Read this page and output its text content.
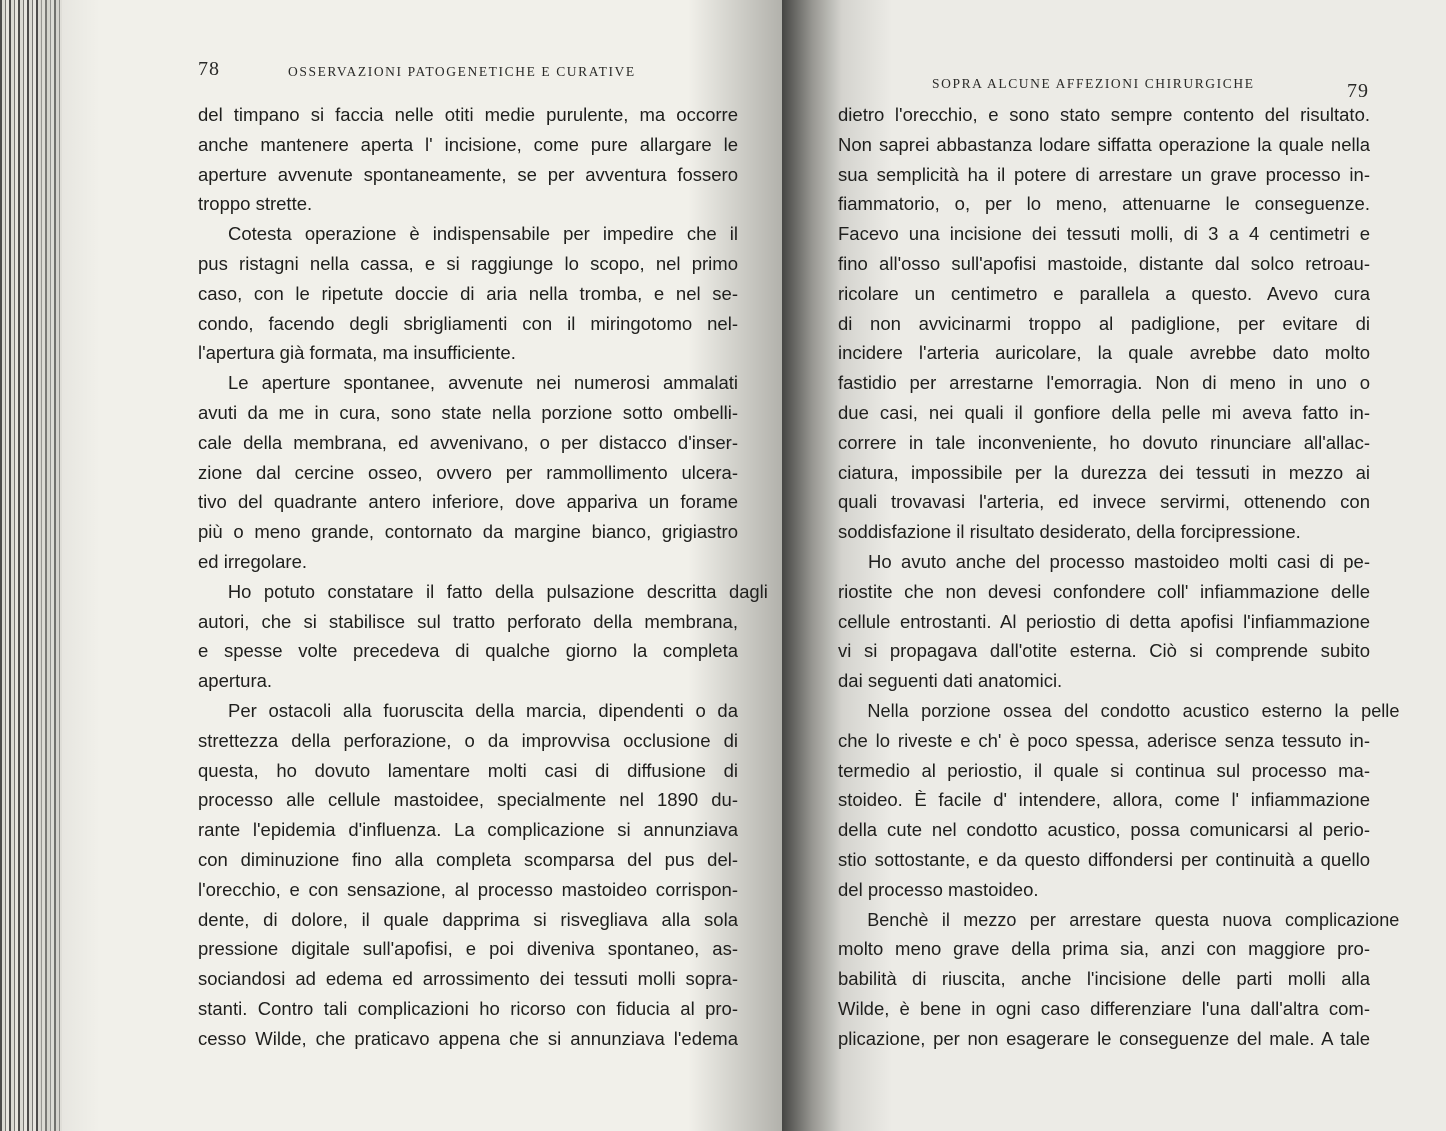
78	OSSERVAZIONI PATOGENETICHE E CURATIVE
del timpano si faccia nelle otiti medie purulente, ma occorre
anche mantenere aperta l' incisione, come pure allargare le
aperture avvenute spontaneamente, se per avventura fossero
troppo strette.
Cotesta operazione è indispensabile per impedire che il
pus ristagni nella cassa, e si raggiunge lo scopo, nel primo
caso, con le ripetute doccie di aria nella tromba, e nel se-
condo, facendo degli sbrigliamenti con il miringotomo nel-
l'apertura già formata, ma insufficiente.
Le aperture spontanee, avvenute nei numerosi ammalati
avuti da me in cura, sono state nella porzione sotto ombelli-
cale della membrana, ed avvenivano, o per distacco d'inser-
zione dal cercine osseo, ovvero per rammollimento ulcera-
tivo del quadrante antero inferiore, dove appariva un forame
più o meno grande, contornato da margine bianco, grigiastro
ed irregolare.
Ho potuto constatare il fatto della pulsazione descritta dagli
autori, che si stabilisce sul tratto perforato della membrana,
e spesse volte precedeva di qualche giorno la completa
apertura.
Per ostacoli alla fuoruscita della marcia, dipendenti o da
strettezza della perforazione, o da improvvisa occlusione di
questa, ho dovuto lamentare molti casi di diffusione di
processo alle cellule mastoidee, specialmente nel 1890 du-
rante l'epidemia d'influenza. La complicazione si annunziava
con diminuzione fino alla completa scomparsa del pus del-
l'orecchio, e con sensazione, al processo mastoideo corrispon-
dente, di dolore, il quale dapprima si risvegliava alla sola
pressione digitale sull'apofisi, e poi diveniva spontaneo, as-
sociandosi ad edema ed arrossimento dei tessuti molli sopra-
stanti. Contro tali complicazioni ho ricorso con fiducia al pro-
cesso Wilde, che praticavo appena che si annunziava l'edema
SOPRA ALCUNE AFFEZIONI CHIRURGICHE	79
dietro l'orecchio, e sono stato sempre contento del risultato.
Non saprei abbastanza lodare siffatta operazione la quale nella
sua semplicità ha il potere di arrestare un grave processo in-
fiammatorio, o, per lo meno, attenuarne le conseguenze.
Facevo una incisione dei tessuti molli, di 3 a 4 centimetri e
fino all'osso sull'apofisi mastoide, distante dal solco retroau-
ricolare un centimetro e parallela a questo. Avevo cura
di non avvicinarmi troppo al padiglione, per evitare di
incidere l'arteria auricolare, la quale avrebbe dato molto
fastidio per arrestarne l'emorragia. Non di meno in uno o
due casi, nei quali il gonfiore della pelle mi aveva fatto in-
correre in tale inconveniente, ho dovuto rinunciare all'allac-
ciatura, impossibile per la durezza dei tessuti in mezzo ai
quali trovavasi l'arteria, ed invece servirmi, ottenendo con
soddisfazione il risultato desiderato, della forcipressione.
Ho avuto anche del processo mastoideo molti casi di pe-
riostite che non devesi confondere coll' infiammazione delle
cellule entrostanti. Al periostio di detta apofisi l'infiammazione
vi si propagava dall'otite esterna. Ciò si comprende subito
dai seguenti dati anatomici.
Nella porzione ossea del condotto acustico esterno la pelle
che lo riveste e ch' è poco spessa, aderisce senza tessuto in-
termedio al periostio, il quale si continua sul processo ma-
stoideo. È facile d' intendere, allora, come l' infiammazione
della cute nel condotto acustico, possa comunicarsi al perio-
stio sottostante, e da questo diffondersi per continuità a quello
del processo mastoideo.
Benchè il mezzo per arrestare questa nuova complicazione
molto meno grave della prima sia, anzi con maggiore pro-
babilità di riuscita, anche l'incisione delle parti molli alla
Wilde, è bene in ogni caso differenziare l'una dall'altra com-
plicazione, per non esagerare le conseguenze del male. A tale
